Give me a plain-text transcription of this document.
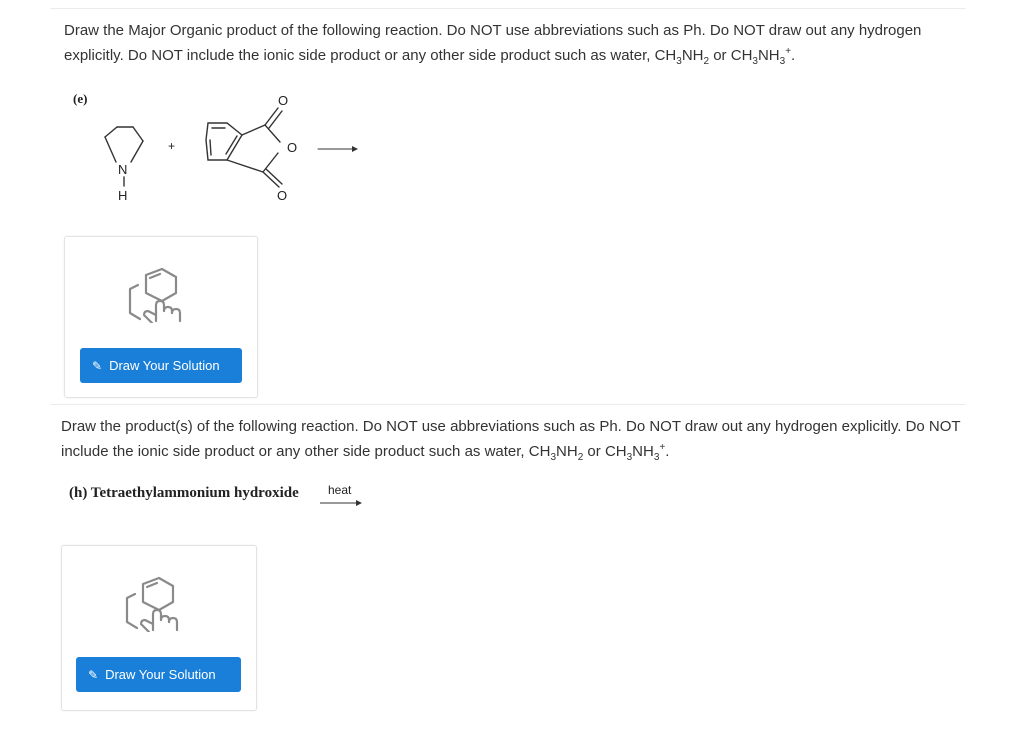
Draw the Major Organic product of the following reaction. Do NOT use abbreviations such as Ph. Do NOT draw out any hydrogen explicitly. Do NOT include the ionic side product or any other side product such as water, $CH_3NH_2$ or $CH_3NH_3^+$.

(e)
N
H
+
O
O
O
✎ Draw Your Solution

Draw the product(s) of the following reaction. Do NOT use abbreviations such as Ph. Do NOT draw out any hydrogen explicitly. Do NOT include the ionic side product or any other side product such as water, $CH_3NH_2$ or $CH_3NH_3^+$.

(h) Tetraethylammonium hydroxide heat
✎ Draw Your Solution
